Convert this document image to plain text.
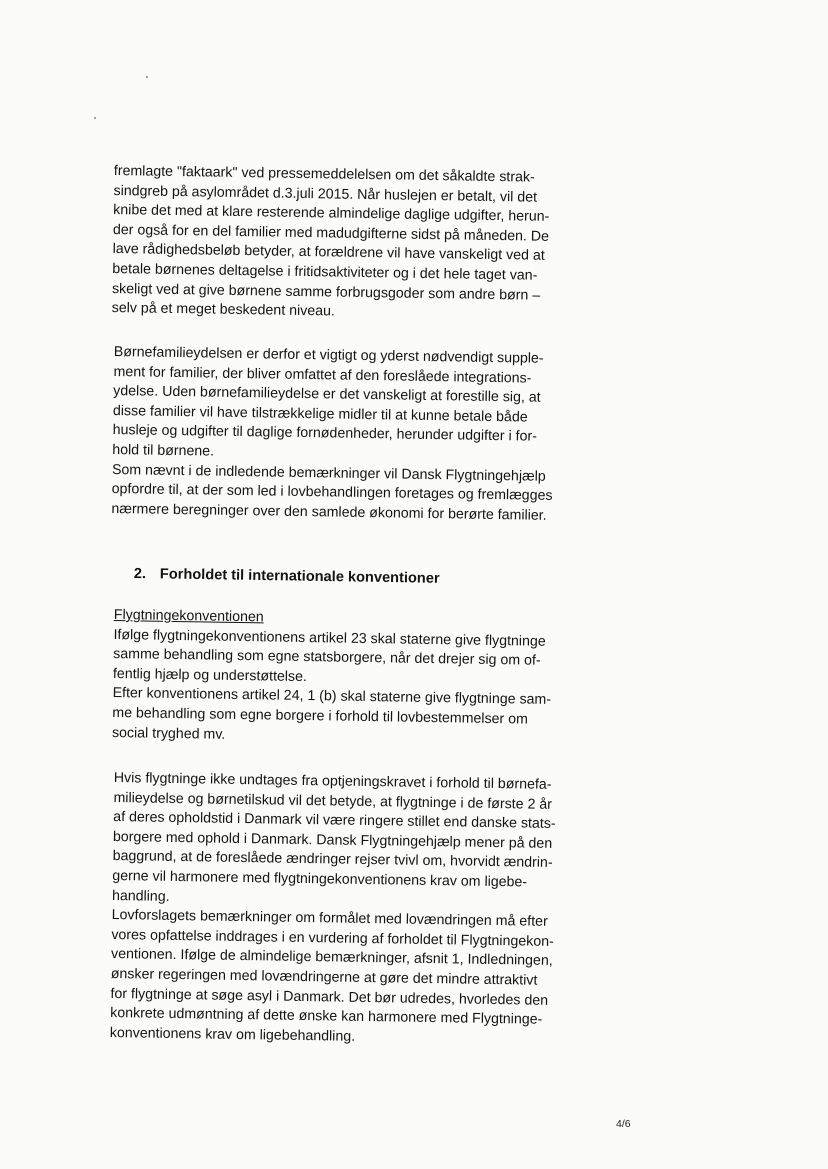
fremlagte "faktaark" ved pressemeddelelsen om det såkaldte strak-
sindgreb på asylområdet d.3.juli 2015. Når huslejen er betalt, vil det
knibe det med at klare resterende almindelige daglige udgifter, herun-
der også for en del familier med madudgifterne sidst på måneden. De
lave rådighedsbeløb betyder, at forældrene vil have vanskeligt ved at
betale børnenes deltagelse i fritidsaktiviteter og i det hele taget van-
skeligt ved at give børnene samme forbrugsgoder som andre børn –
selv på et meget beskedent niveau.
Børnefamilieydelsen er derfor et vigtigt og yderst nødvendigt supple-
ment for familier, der bliver omfattet af den foreslåede integrations-
ydelse. Uden børnefamilieydelse er det vanskeligt at forestille sig, at
disse familier vil have tilstrækkelige midler til at kunne betale både
husleje og udgifter til daglige fornødenheder, herunder udgifter i for-
hold til børnene.
Som nævnt i de indledende bemærkninger vil Dansk Flygtningehjælp
opfordre til, at der som led i lovbehandlingen foretages og fremlægges
nærmere beregninger over den samlede økonomi for berørte familier.
2. Forholdet til internationale konventioner
Flygtningekonventionen
Ifølge flygtningekonventionens artikel 23 skal staterne give flygtninge
samme behandling som egne statsborgere, når det drejer sig om of-
fentlig hjælp og understøttelse.
Efter konventionens artikel 24, 1 (b) skal staterne give flygtninge sam-
me behandling som egne borgere i forhold til lovbestemmelser om
social tryghed mv.
Hvis flygtninge ikke undtages fra optjeningskravet i forhold til børnefa-
milieydelse og børnetilskud vil det betyde, at flygtninge i de første 2 år
af deres opholdstid i Danmark vil være ringere stillet end danske stats-
borgere med ophold i Danmark. Dansk Flygtningehjælp mener på den
baggrund, at de foreslåede ændringer rejser tvivl om, hvorvidt ændrin-
gerne vil harmonere med flygtningekonventionens krav om ligebe-
handling.
Lovforslagets bemærkninger om formålet med lovændringen må efter
vores opfattelse inddrages i en vurdering af forholdet til Flygtningekon-
ventionen. Ifølge de almindelige bemærkninger, afsnit 1, Indledningen,
ønsker regeringen med lovændringerne at gøre det mindre attraktivt
for flygtninge at søge asyl i Danmark. Det bør udredes, hvorledes den
konkrete udmøntning af dette ønske kan harmonere med Flygtninge-
konventionens krav om ligebehandling.
4/6
